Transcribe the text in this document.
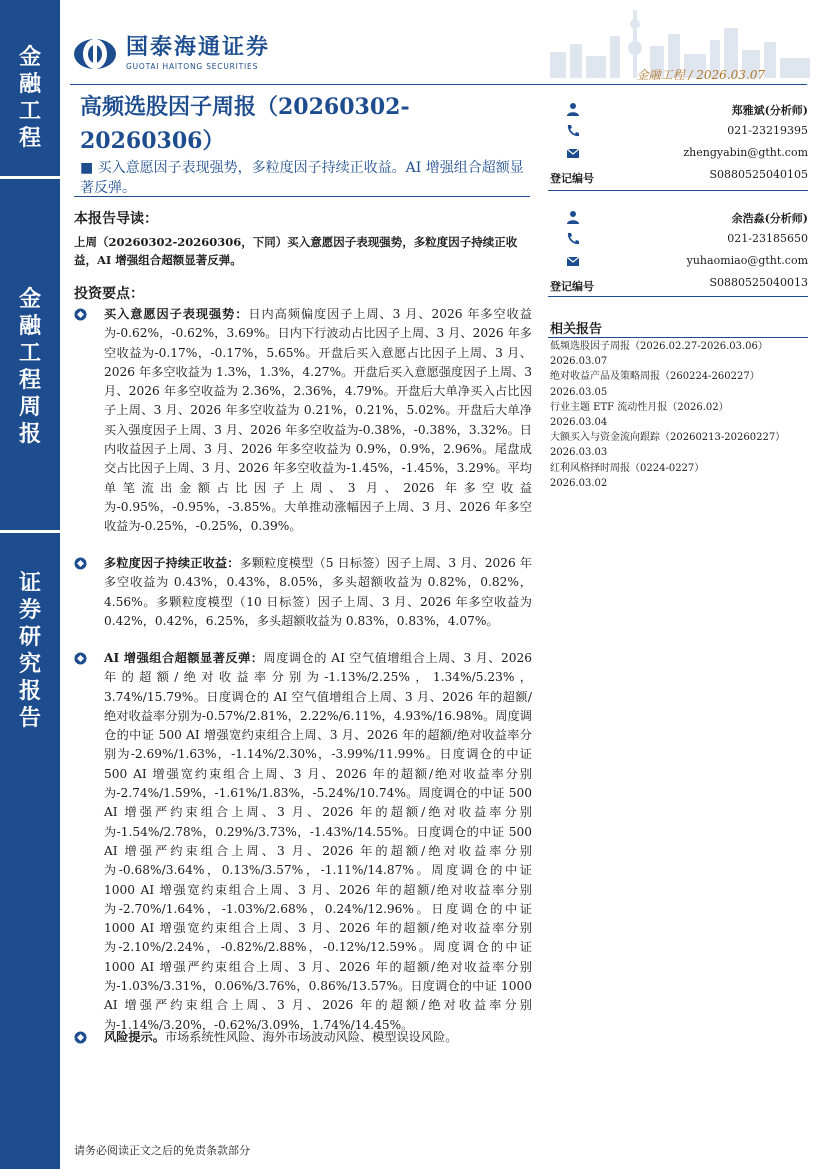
金
融
工
程
金
融
工
程
周
报
证
券
研
究
报
告
国泰海通证券
GUOTAI HAITONG SECURITIES
金融工程 / 2026.03.07
高频选股因子周报（20260302-20260306）
■ 买入意愿因子表现强势，多粒度因子持续正收益。AI 增强组合超额显著反弹。
本报告导读：
上周（20260302-20260306，下同）买入意愿因子表现强势，多粒度因子持续正收益，AI 增强组合超额显著反弹。
投资要点：
买入意愿因子表现强势：日内高频偏度因子上周、3 月、2026 年多空收益为-0.62%，-0.62%，3.69%。日内下行波动占比因子上周、3 月、2026 年多空收益为-0.17%，-0.17%，5.65%。开盘后买入意愿占比因子上周、3 月、2026 年多空收益为 1.3%，1.3%，4.27%。开盘后买入意愿强度因子上周、3 月、2026 年多空收益为 2.36%，2.36%，4.79%。开盘后大单净买入占比因子上周、3 月、2026 年多空收益为 0.21%，0.21%，5.02%。开盘后大单净买入强度因子上周、3 月、2026 年多空收益为-0.38%，-0.38%，3.32%。日内收益因子上周、3 月、2026 年多空收益为 0.9%，0.9%，2.96%。尾盘成交占比因子上周、3 月、2026 年多空收益为-1.45%，-1.45%，3.29%。平均单笔流出金额占比因子上周、3 月、2026 年多空收益为-0.95%，-0.95%，-3.85%。大单推动涨幅因子上周、3 月、2026 年多空收益为-0.25%，-0.25%，0.39%。
多粒度因子持续正收益：多颗粒度模型（5 日标签）因子上周、3 月、2026 年多空收益为 0.43%，0.43%，8.05%，多头超额收益为 0.82%，0.82%，4.56%。多颗粒度模型（10 日标签）因子上周、3 月、2026 年多空收益为 0.42%，0.42%，6.25%，多头超额收益为 0.83%，0.83%，4.07%。
AI 增强组合超额显著反弹：周度调仓的 AI 空气值增组合上周、3 月、2026 年的超额/绝对收益率分别为-1.13%/2.25%，1.34%/5.23%，3.74%/15.79%。日度调仓的 AI 空气值增组合上周、3 月、2026 年的超额/绝对收益率分别为-0.57%/2.81%，2.22%/6.11%，4.93%/16.98%。周度调仓的中证 500 AI 增强宽约束组合上周、3 月、2026 年的超额/绝对收益率分别为-2.69%/1.63%，-1.14%/2.30%，-3.99%/11.99%。日度调仓的中证 500 AI 增强宽约束组合上周、3 月、2026 年的超额/绝对收益率分别为-2.74%/1.59%，-1.61%/1.83%，-5.24%/10.74%。周度调仓的中证 500 AI 增强严约束组合上周、3 月、2026 年的超额/绝对收益率分别为-1.54%/2.78%，0.29%/3.73%，-1.43%/14.55%。日度调仓的中证 500 AI 增强严约束组合上周、3 月、2026 年的超额/绝对收益率分别为-0.68%/3.64%，0.13%/3.57%，-1.11%/14.87%。周度调仓的中证 1000 AI 增强宽约束组合上周、3 月、2026 年的超额/绝对收益率分别为-2.70%/1.64%，-1.03%/2.68%，0.24%/12.96%。日度调仓的中证 1000 AI 增强宽约束组合上周、3 月、2026 年的超额/绝对收益率分别为-2.10%/2.24%，-0.82%/2.88%，-0.12%/12.59%。周度调仓的中证 1000 AI 增强严约束组合上周、3 月、2026 年的超额/绝对收益率分别为-1.03%/3.31%，0.06%/3.76%，0.86%/13.57%。日度调仓的中证 1000 AI 增强严约束组合上周、3 月、2026 年的超额/绝对收益率分别为-1.14%/3.20%，-0.62%/3.09%，1.74%/14.45%。
风险提示。市场系统性风险、海外市场波动风险、模型误设风险。
郑雅斌(分析师)
021-23219395
zhengyabin@gtht.com
登记编号	S0880525040105
余浩淼(分析师)
021-23185650
yuhaomiao@gtht.com
登记编号	S0880525040013
相关报告
低频选股因子周报（2026.02.27-2026.03.06）
2026.03.07
绝对收益产品及策略周报（260224-260227）
2026.03.05
行业主题 ETF 流动性月报（2026.02）
2026.03.04
大额买入与资金流向跟踪（20260213-20260227）
2026.03.03
红利风格择时周报（0224-0227）
2026.03.02
请务必阅读正文之后的免责条款部分
